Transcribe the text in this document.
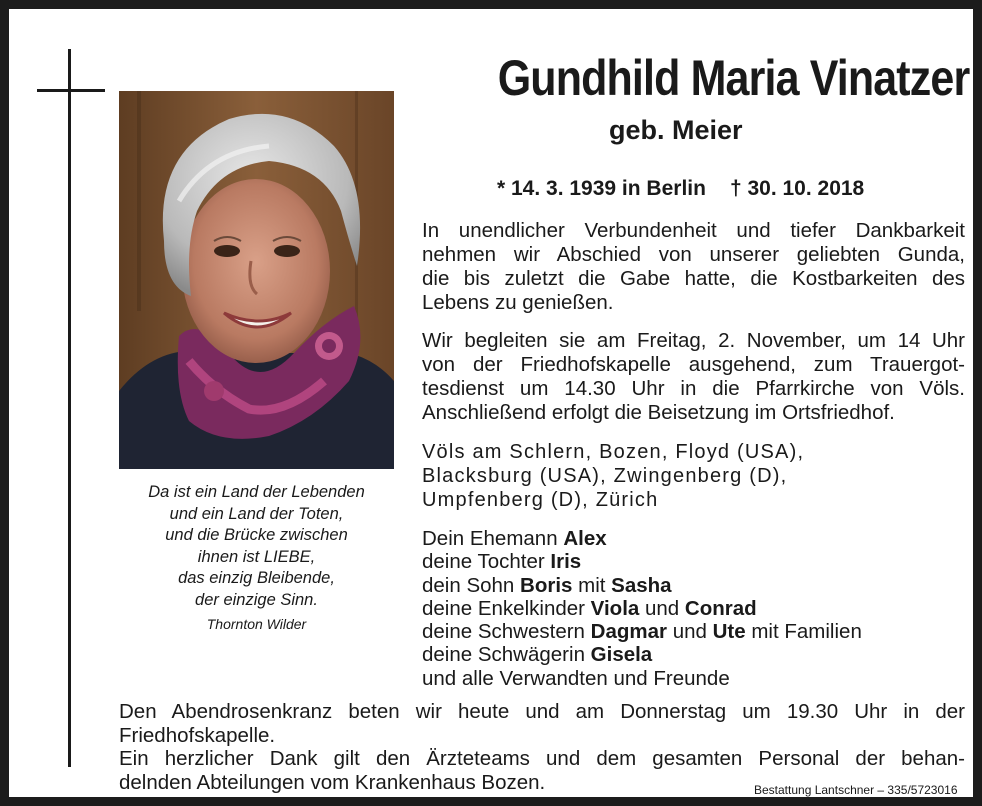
Gundhild Maria Vinatzer
geb. Meier
* 14. 3. 1939 in Berlin † 30. 10. 2018
In unendlicher Verbundenheit und tiefer Dankbarkeit
nehmen wir Abschied von unserer geliebten Gunda,
die bis zuletzt die Gabe hatte, die Kostbarkeiten des
Lebens zu genießen.
Wir begleiten sie am Freitag, 2. November, um 14 Uhr
von der Friedhofskapelle ausgehend, zum Trauergot-
tesdienst um 14.30 Uhr in die Pfarrkirche von Völs.
Anschließend erfolgt die Beisetzung im Ortsfriedhof.
Völs am Schlern, Bozen, Floyd (USA),
Blacksburg (USA), Zwingenberg (D),
Umpfenberg (D), Zürich
Dein Ehemann Alex
deine Tochter Iris
dein Sohn Boris mit Sasha
deine Enkelkinder Viola und Conrad
deine Schwestern Dagmar und Ute mit Familien
deine Schwägerin Gisela
und alle Verwandten und Freunde
Da ist ein Land der Lebenden
und ein Land der Toten,
und die Brücke zwischen
ihnen ist LIEBE,
das einzig Bleibende,
der einzige Sinn.
Thornton Wilder
Den Abendrosenkranz beten wir heute und am Donnerstag um 19.30 Uhr in der
Friedhofskapelle.
Ein herzlicher Dank gilt den Ärzteteams und dem gesamten Personal der behan-
delnden Abteilungen vom Krankenhaus Bozen.	Bestattung Lantschner – 335/5723016
